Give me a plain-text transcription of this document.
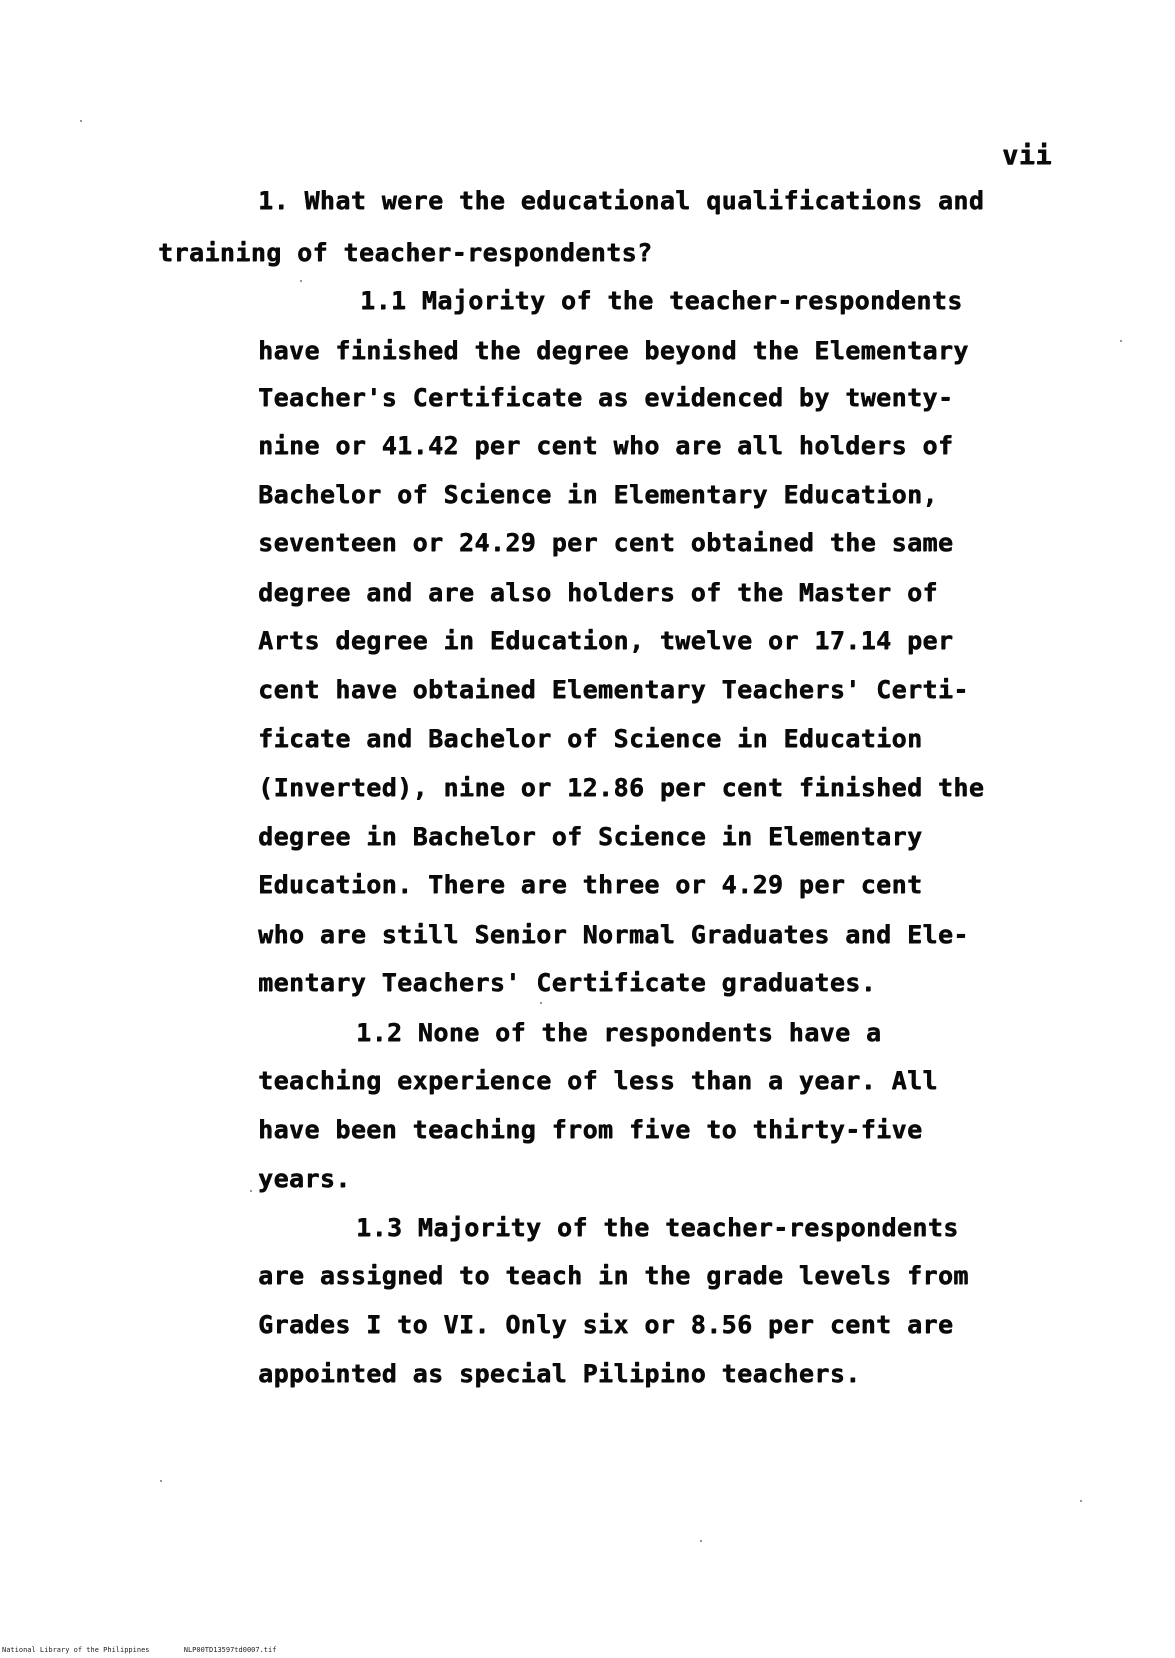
vii
1. What were the educational qualifications and
training of teacher-respondents?
1.1 Majority of the teacher-respondents
have finished the degree beyond the Elementary
Teacher's Certificate as evidenced by twenty-
nine or 41.42 per cent who are all holders of
Bachelor of Science in Elementary Education,
seventeen or 24.29 per cent obtained the same
degree and are also holders of the Master of
Arts degree in Education, twelve or 17.14 per
cent have obtained Elementary Teachers' Certi-
ficate and Bachelor of Science in Education
(Inverted), nine or 12.86 per cent finished the
degree in Bachelor of Science in Elementary
Education. There are three or 4.29 per cent
who are still Senior Normal Graduates and Ele-
mentary Teachers' Certificate graduates.
1.2 None of the respondents have a
teaching experience of less than a year. All
have been teaching from five to thirty-five
years.
1.3 Majority of the teacher-respondents
are assigned to teach in the grade levels from
Grades I to VI. Only six or 8.56 per cent are
appointed as special Pilipino teachers.
National Library of the Philippines	NLP00TD13597td0007.tif
